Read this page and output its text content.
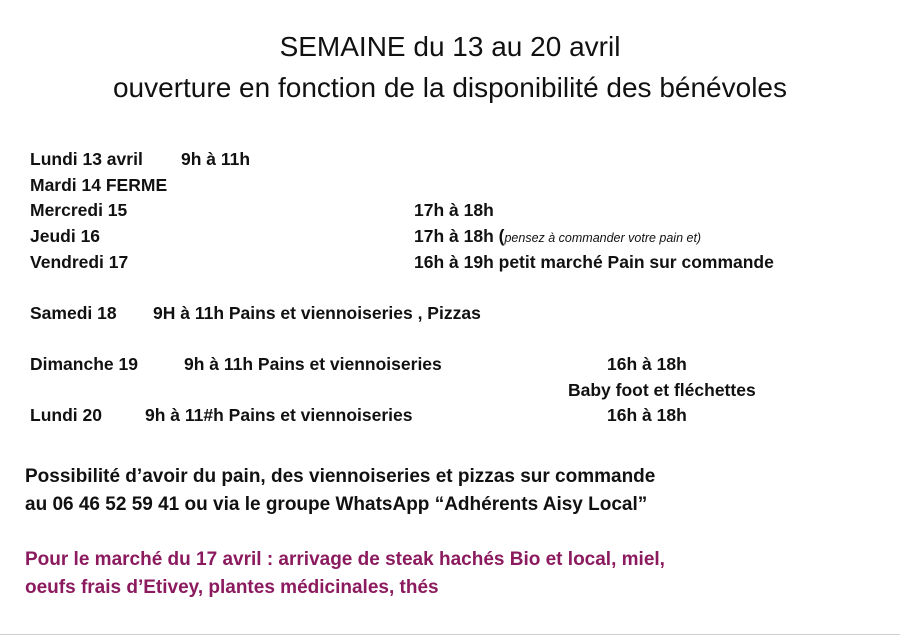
SEMAINE du 13 au 20 avril
ouverture en fonction de la disponibilité des bénévoles
Lundi 13 avril 9h à 11h
Mardi 14 FERME
Mercredi 15	17h à 18h
Jeudi 16	17h à 18h (pensez à commander votre pain et)
Vendredi 17	16h à 19h petit marché Pain sur commande
Samedi 18 9H à 11h Pains et viennoiseries , Pizzas
Dimanche 19	9h à 11h Pains et viennoiseries	16h à 18h
Baby foot et fléchettes
Lundi 20 9h à 11#h Pains et viennoiseries	16h à 18h
Possibilité d’avoir du pain, des viennoiseries et pizzas sur commande
au 06 46 52 59 41 ou via le groupe WhatsApp “Adhérents Aisy Local”
Pour le marché du 17 avril : arrivage de steak hachés Bio et local, miel,
oeufs frais d’Etivey, plantes médicinales, thés
